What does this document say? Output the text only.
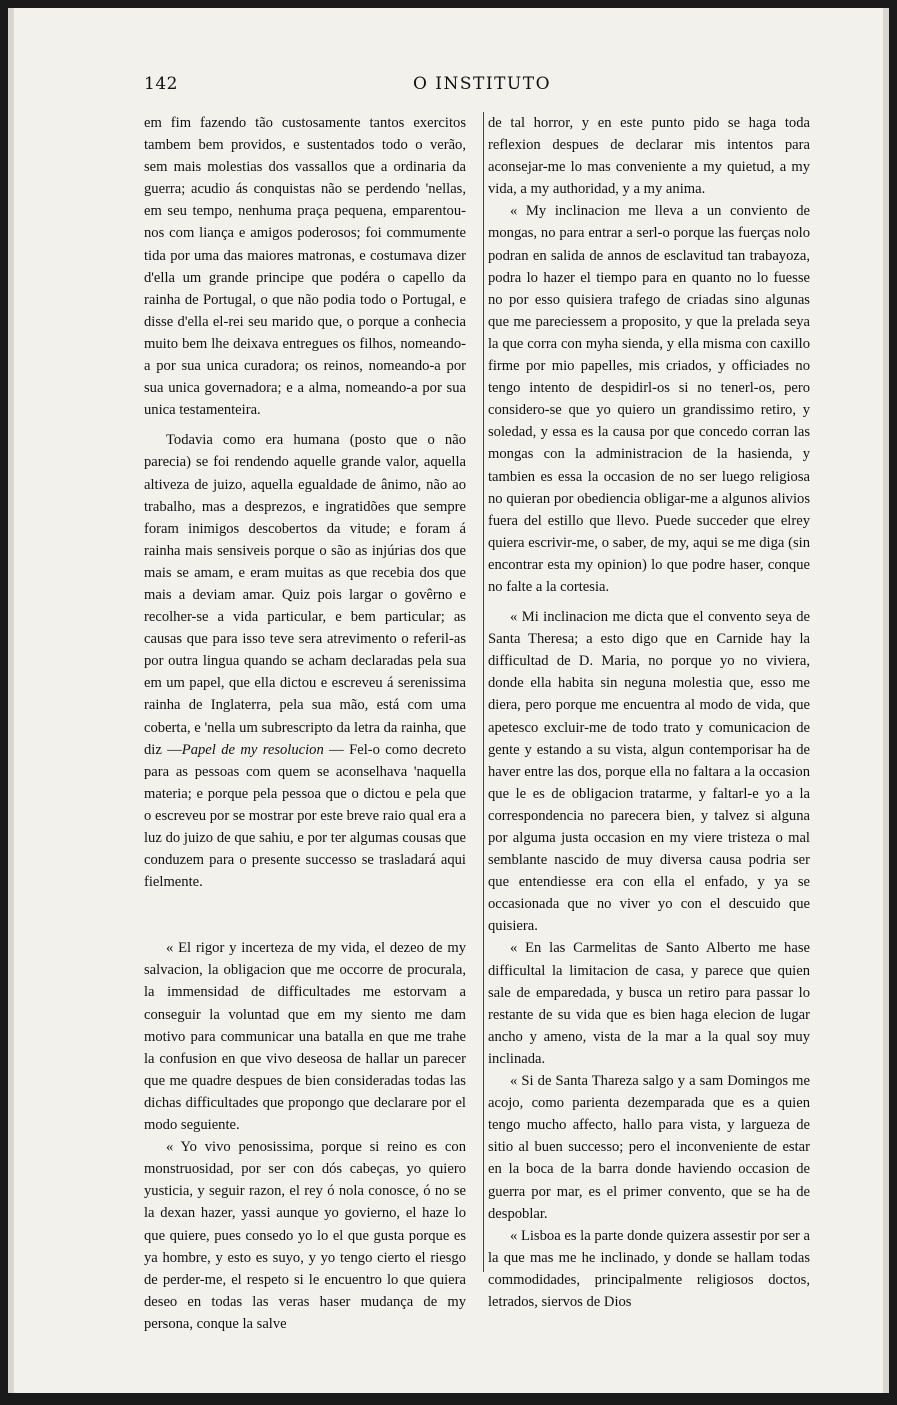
142	O INSTITUTO

em fim fazendo tão custosamente tantos exercitos tambem bem providos, e sustentados todo o verão, sem mais molestias dos vassallos que a ordinaria da guerra; acudio ás conquistas não se perdendo 'nellas, em seu tempo, nenhuma praça pequena, emparentou-nos com liança e amigos poderosos; foi commumente tida por uma das maiores matronas, e costumava dizer d'ella um grande principe que podéra o capello da rainha de Portugal, o que não podia todo o Portugal, e disse d'ella el-rei seu marido que, o porque a conhecia muito bem lhe deixava entregues os filhos, nomeando-a por sua unica curadora; os reinos, nomeando-a por sua unica governadora; e a alma, nomeando-a por sua unica testamenteira.

Todavia como era humana (posto que o não parecia) se foi rendendo aquelle grande valor, aquella altiveza de juizo, aquella egualdade de ânimo, não ao trabalho, mas a desprezos, e ingratidões que sempre foram inimigos descobertos da vitude; e foram á rainha mais sensiveis porque o são as injúrias dos que mais se amam, e eram muitas as que recebia dos que mais a deviam amar. Quiz pois largar o govêrno e recolher-se a vida particular, e bem particular; as causas que para isso teve sera atrevimento o referil-as por outra lingua quando se acham declaradas pela sua em um papel, que ella dictou e escreveu á serenissima rainha de Inglaterra, pela sua mão, está com uma coberta, e 'nella um subrescripto da letra da rainha, que diz —Papel de my resolucion — Fel-o como decreto para as pessoas com quem se aconselhava 'naquella materia; e porque pela pessoa que o dictou e pela que o escreveu por se mostrar por este breve raio qual era a luz do juizo de que sahiu, e por ter algumas cousas que conduzem para o presente successo se trasladará aqui fielmente.

« El rigor y incerteza de my vida, el dezeo de my salvacion, la obligacion que me occorre de procurala, la immensidad de difficultades me estorvam a conseguir la voluntad que em my siento me dam motivo para communicar una batalla en que me trahe la confusion en que vivo deseosa de hallar un parecer que me quadre despues de bien consideradas todas las dichas difficultades que propongo que declarare por el modo seguiente.

« Yo vivo penosissima, porque si reino es con monstruosidad, por ser con dós cabeças, yo quiero yusticia, y seguir razon, el rey ó nola conosce, ó no se la dexan hazer, yassi aunque yo govierno, el haze lo que quiere, pues consedo yo lo el que gusta porque es ya hombre, y esto es suyo, y yo tengo cierto el riesgo de perder-me, el respeto si le encuentro lo que quiera deseo en todas las veras haser mudança de my persona, conque la salve

de tal horror, y en este punto pido se haga toda reflexion despues de declarar mis intentos para aconsejar-me lo mas conveniente a my quietud, a my vida, a my authoridad, y a my anima.

« My inclinacion me lleva a un conviento de mongas, no para entrar a serl-o porque las fuerças nolo podran en salida de annos de esclavitud tan trabayoza, podra lo hazer el tiempo para en quanto no lo fuesse no por esso quisiera trafego de criadas sino algunas que me pareciessem a proposito, y que la prelada seya la que corra con myha sienda, y ella misma con caxillo firme por mio papelles, mis criados, y officiades no tengo intento de despidirl-os si no tenerl-os, pero considero-se que yo quiero un grandissimo retiro, y soledad, y essa es la causa por que concedo corran las mongas con la administracion de la hasienda, y tambien es essa la occasion de no ser luego religiosa no quieran por obediencia obligar-me a algunos alivios fuera del estillo que llevo. Puede succeder que elrey quiera escrivir-me, o saber, de my, aqui se me diga (sin encontrar esta my opinion) lo que podre haser, conque no falte a la cortesia.

« Mi inclinacion me dicta que el convento seya de Santa Theresa; a esto digo que en Carnide hay la difficultad de D. Maria, no porque yo no viviera, donde ella habita sin neguna molestia que, esso me diera, pero porque me encuentra al modo de vida, que apetesco excluir-me de todo trato y comunicacion de gente y estando a su vista, algun contemporisar ha de haver entre las dos, porque ella no faltara a la occasion que le es de obligacion tratarme, y faltarl-e yo a la correspondencia no parecera bien, y talvez si alguna por alguma justa occasion en my viere tristeza o mal semblante nascido de muy diversa causa podria ser que entendiesse era con ella el enfado, y ya se occasionada que no viver yo con el descuido que quisiera.

« En las Carmelitas de Santo Alberto me hase difficultal la limitacion de casa, y parece que quien sale de emparedada, y busca un retiro para passar lo restante de su vida que es bien haga elecion de lugar ancho y ameno, vista de la mar a la qual soy muy inclinada.

« Si de Santa Thareza salgo y a sam Domingos me acojo, como parienta dezemparada que es a quien tengo mucho affecto, hallo para vista, y largueza de sitio al buen successo; pero el inconveniente de estar en la boca de la barra donde haviendo occasion de guerra por mar, es el primer convento, que se ha de despoblar.

« Lisboa es la parte donde quizera assestir por ser a la que mas me he inclinado, y donde se hallam todas commodidades, principalmente religiosos doctos, letrados, siervos de Dios
